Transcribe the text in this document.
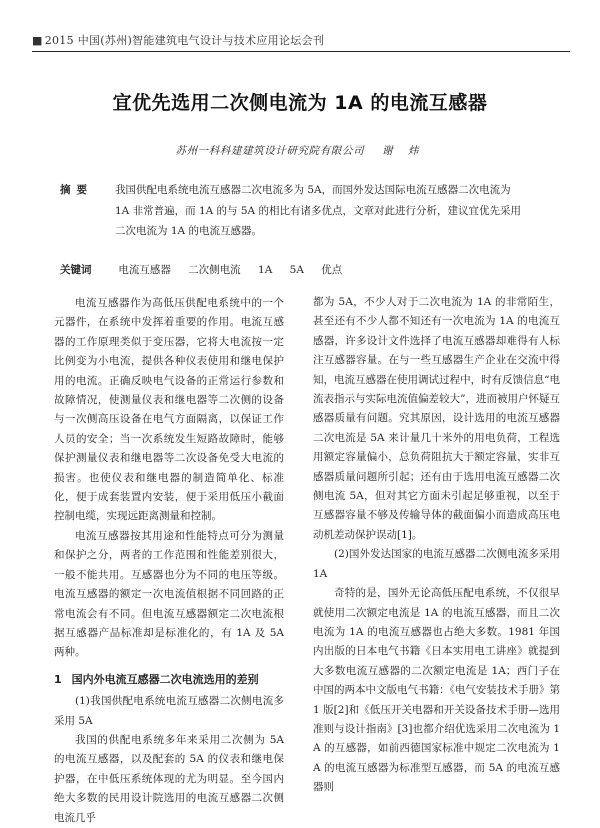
■ 2015 中国(苏州)智能建筑电气设计与技术应用论坛会刊
宜优先选用二次侧电流为 1A 的电流互感器
苏州一科科建建筑设计研究院有限公司 谢 炜
摘要 我国供配电系统电流互感器二次电流多为 5A，而国外发达国际电流互感器二次电流为 1A 非常普遍，而 1A 的与 5A 的相比有诸多优点，文章对此进行分析，建议宜优先采用二次电流为 1A 的电流互感器。
关键词	电流互感器 二次侧电流 1A 5A 优点

电流互感器作为高低压供配电系统中的一个元器件，在系统中发挥着重要的作用。电流互感器的工作原理类似于变压器，它将大电流按一定比例变为小电流，提供各种仪表使用和继电保护用的电流。正确反映电气设备的正常运行参数和故障情况，使测量仪表和继电器等二次侧的设备与一次侧高压设备在电气方面隔离，以保证工作人员的安全；当一次系统发生短路故障时，能够保护测量仪表和继电器等二次设备免受大电流的损害。也使仪表和继电器的制造简单化、标准化，便于成套装置内安装，便于采用低压小截面控制电缆，实现远距离测量和控制。

电流互感器按其用途和性能特点可分为测量和保护之分，两者的工作范围和性能差别很大，一般不能共用。互感器也分为不同的电压等级。电流互感器的额定一次电流值根据不同回路的正常电流会有不同。但电流互感器额定二次电流根据互感器产品标准却是标准化的，有 1A 及 5A 两种。

1 国内外电流互感器二次电流选用的差别

(1)我国供配电系统电流互感器二次侧电流多采用 5A

我国的供配电系统多年来采用二次侧为 5A 的电流互感器，以及配套的 5A 的仪表和继电保护器，在中低压系统体现的尤为明显。至今国内绝大多数的民用设计院选用的电流互感器二次侧电流几乎

都为 5A，不少人对于二次电流为 1A 的非常陌生，甚至还有不少人都不知还有一次电流为 1A 的电流互感器，许多设计文件选择了电流互感器却难得有人标注互感器容量。在与一些互感器生产企业在交流中得知，电流互感器在使用调试过程中，时有反馈信息“电流表指示与实际电流值偏差较大”，进而被用户怀疑互感器质量有问题。究其原因，设计选用的电流互感器二次电流是 5A 来计量几十米外的用电负荷，工程选用额定容量偏小，总负荷阻抗大于额定容量，实非互感器质量问题所引起；还有由于选用电流互感器二次侧电流 5A，但对其它方面未引起足够重视，以至于互感器容量不够及传输导体的截面偏小而造成高压电动机差动保护误动[1]。

(2)国外发达国家的电流互感器二次侧电流多采用 1A

奇特的是，国外无论高低压配电系统，不仅很早就使用二次额定电流是 1A 的电流互感器，而且二次电流为 1A 的电流互感器也占绝大多数。1981 年国内出版的日本电气书籍《日本实用电工讲座》就提到大多数电流互感器的二次额定电流是 1A；西门子在中国的两本中文版电气书籍：《电气安装技术手册》第 1 版[2]和《低压开关电器和开关设备技术手册—选用准则与设计指南》[3]也都介绍优选采用二次电流为 1A 的互感器，如前西德国家标准中规定二次电流为 1A 的电流互感器为标准型互感器，而 5A 的电流互感器则
